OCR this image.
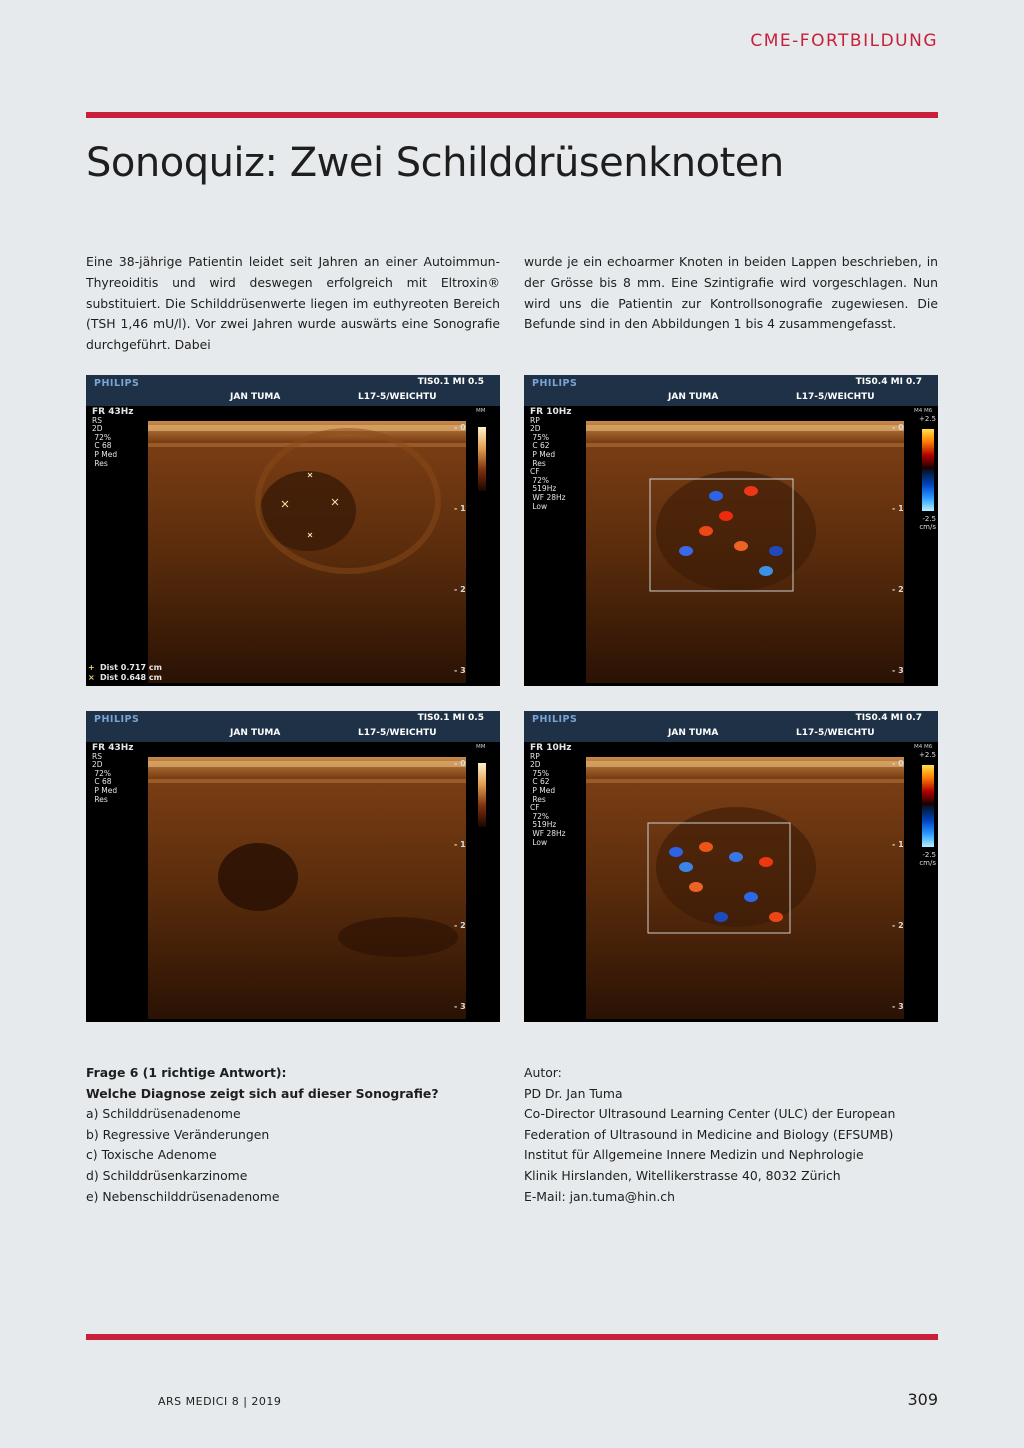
CME-FORTBILDUNG
Sonoquiz: Zwei Schilddrüsenknoten
Eine 38-jährige Patientin leidet seit Jahren an einer Autoimmun-Thyreoiditis und wird deswegen erfolgreich mit Eltroxin® substituiert. Die Schilddrüsenwerte liegen im euthyreoten Bereich (TSH 1,46 mU/l). Vor zwei Jahren wurde auswärts eine Sonografie durchgeführt. Dabei
wurde je ein echoarmer Knoten in beiden Lappen beschrieben, in der Grösse bis 8 mm. Eine Szintigrafie wird vorgeschlagen. Nun wird uns die Patientin zur Kontrollsonografie zugewiesen. Die Befunde sind in den Abbildungen 1 bis 4 zusammengefasst.
PHILIPS	TIS0.1 MI 0.5
JAN TUMA	L17-5/WEICHTU
FR 43Hz
RS
2D
72%
C 68
P Med
Res
- 0
- 1
- 2
- 3
MM
+ Dist 0.717 cm
× Dist 0.648 cm
PHILIPS	TIS0.4 MI 0.7
JAN TUMA	L17-5/WEICHTU
FR 10Hz
RP
2D
75%
C 62
P Med
Res
CF
72%
519Hz
WF 28Hz
Low
- 0
- 1
- 2
- 3
M4 M6
+2.5
-2.5
cm/s
PHILIPS	TIS0.1 MI 0.5
JAN TUMA	L17-5/WEICHTU
FR 43Hz
RS
2D
72%
C 68
P Med
Res
- 0
- 1
- 2
- 3
MM
PHILIPS	TIS0.4 MI 0.7
JAN TUMA	L17-5/WEICHTU
FR 10Hz
RP
2D
75%
C 62
P Med
Res
CF
72%
519Hz
WF 28Hz
Low
- 0
- 1
- 2
- 3
M4 M6
+2.5
-2.5
cm/s
Frage 6 (1 richtige Antwort):
Welche Diagnose zeigt sich auf dieser Sonografie?
a) Schilddrüsenadenome
b) Regressive Veränderungen
c) Toxische Adenome
d) Schilddrüsenkarzinome
e) Nebenschilddrüsenadenome
Autor:
PD Dr. Jan Tuma
Co-Director Ultrasound Learning Center (ULC) der European
Federation of Ultrasound in Medicine and Biology (EFSUMB)
Institut für Allgemeine Innere Medizin und Nephrologie
Klinik Hirslanden, Witellikerstrasse 40, 8032 Zürich
E-Mail: jan.tuma@hin.ch
ARS MEDICI 8 | 2019	309
